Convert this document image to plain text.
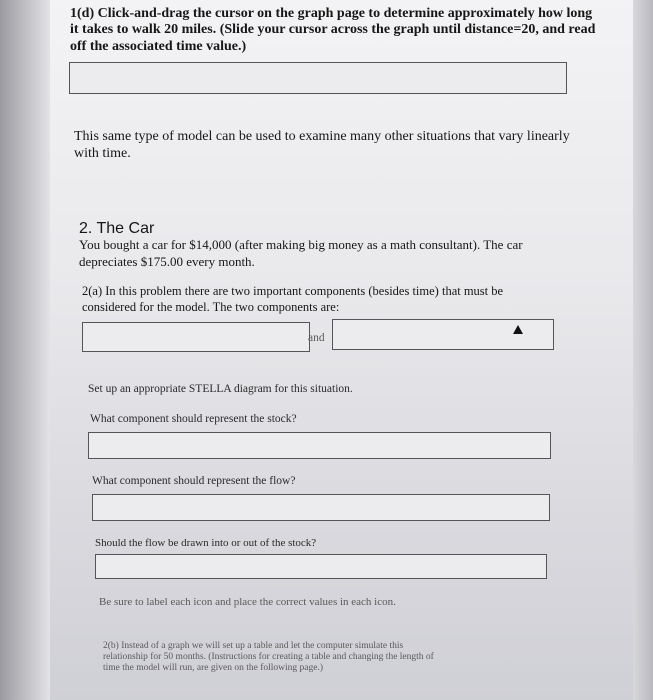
1(d) Click-and-drag the cursor on the graph page to determine approximately how long
it takes to walk 20 miles. (Slide your cursor across the graph until distance=20, and read
off the associated time value.)
This same type of model can be used to examine many other situations that vary linearly
with time.
2. The Car
You bought a car for $14,000 (after making big money as a math consultant). The car
depreciates $175.00 every month.
2(a) In this problem there are two important components (besides time) that must be
considered for the model. The two components are:
and
Set up an appropriate STELLA diagram for this situation.
What component should represent the stock?
What component should represent the flow?
Should the flow be drawn into or out of the stock?
Be sure to label each icon and place the correct values in each icon.
2(b) Instead of a graph we will set up a table and let the computer simulate this
relationship for 50 months. (Instructions for creating a table and changing the length of
time the model will run, are given on the following page.)
